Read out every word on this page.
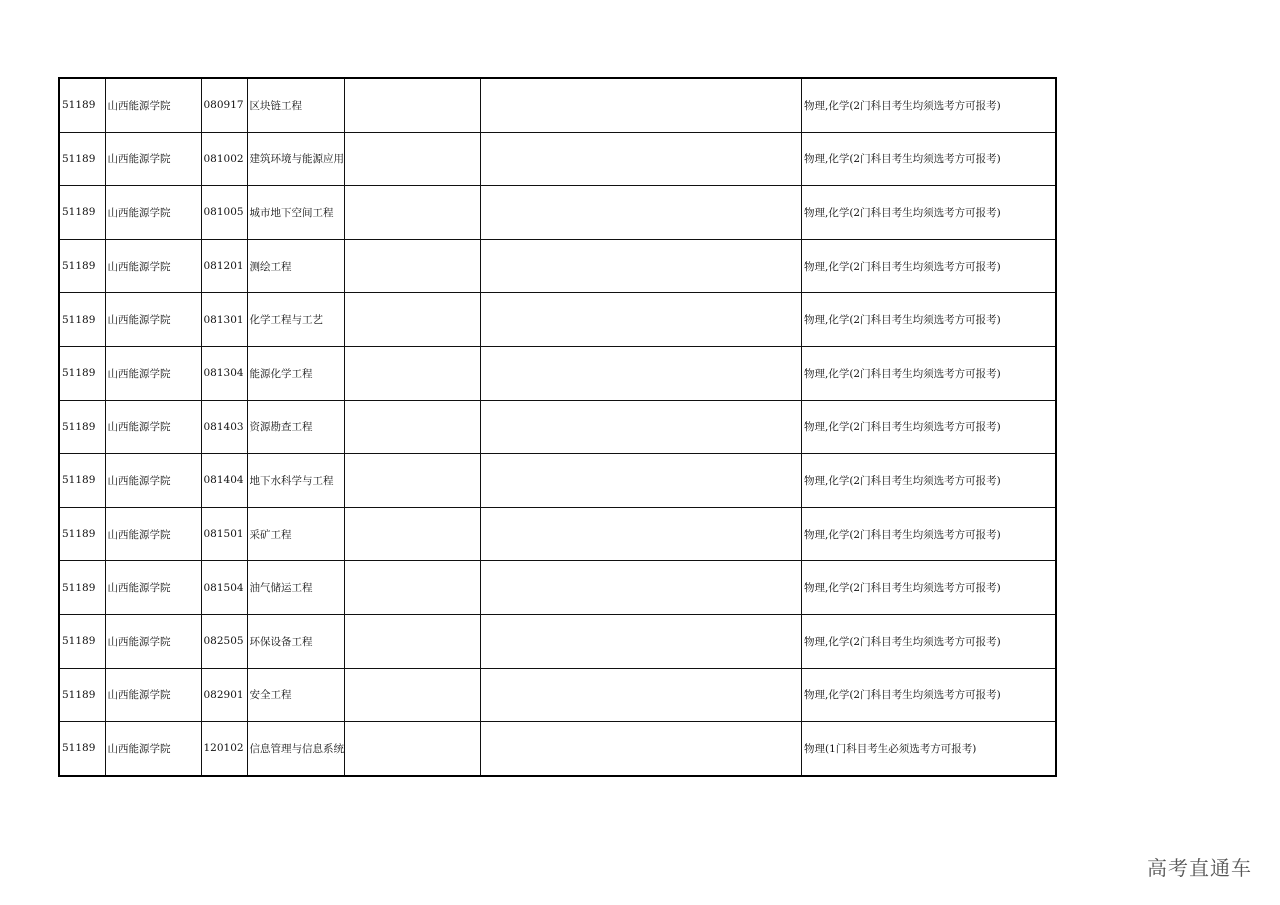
51189	山西能源学院	080917	区块链工程			物理,化学(2门科目考生均须选考方可报考)
51189	山西能源学院	081002	建筑环境与能源应用			物理,化学(2门科目考生均须选考方可报考)
51189	山西能源学院	081005	城市地下空间工程			物理,化学(2门科目考生均须选考方可报考)
51189	山西能源学院	081201	测绘工程			物理,化学(2门科目考生均须选考方可报考)
51189	山西能源学院	081301	化学工程与工艺			物理,化学(2门科目考生均须选考方可报考)
51189	山西能源学院	081304	能源化学工程			物理,化学(2门科目考生均须选考方可报考)
51189	山西能源学院	081403	资源勘查工程			物理,化学(2门科目考生均须选考方可报考)
51189	山西能源学院	081404	地下水科学与工程			物理,化学(2门科目考生均须选考方可报考)
51189	山西能源学院	081501	采矿工程			物理,化学(2门科目考生均须选考方可报考)
51189	山西能源学院	081504	油气储运工程			物理,化学(2门科目考生均须选考方可报考)
51189	山西能源学院	082505	环保设备工程			物理,化学(2门科目考生均须选考方可报考)
51189	山西能源学院	082901	安全工程			物理,化学(2门科目考生均须选考方可报考)
51189	山西能源学院	120102	信息管理与信息系统			物理(1门科目考生必须选考方可报考)
高考直通车
